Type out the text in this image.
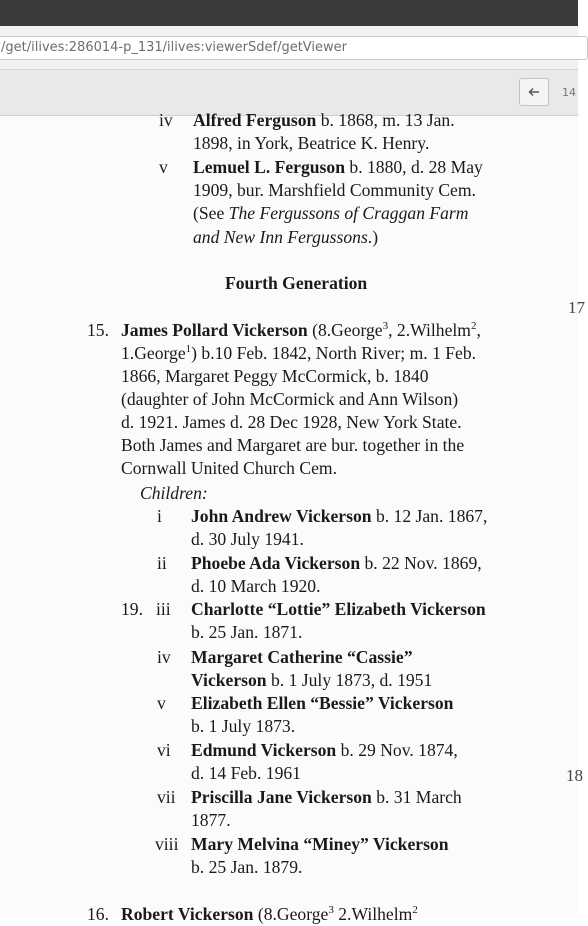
/get/ilives:286014-p_131/ilives:viewerSdef/getViewer
14
iv Alfred Ferguson b. 1868, m. 13 Jan.
1898, in York, Beatrice K. Henry.
v Lemuel L. Ferguson b. 1880, d. 28 May
1909, bur. Marshfield Community Cem.
(See The Fergussons of Craggan Farm
and New Inn Fergussons.)
Fourth Generation
15. James Pollard Vickerson (8.George$^3$, 2.Wilhelm$^2$,
1.George$^1$) b.10 Feb. 1842, North River; m. 1 Feb.
1866, Margaret Peggy McCormick, b. 1840
(daughter of John McCormick and Ann Wilson)
d. 1921. James d. 28 Dec 1928, New York State.
Both James and Margaret are bur. together in the
Cornwall United Church Cem.
Children:
i John Andrew Vickerson b. 12 Jan. 1867,
d. 30 July 1941.
ii Phoebe Ada Vickerson b. 22 Nov. 1869,
d. 10 March 1920.
19. iii Charlotte “Lottie” Elizabeth Vickerson
b. 25 Jan. 1871.
iv Margaret Catherine “Cassie”
Vickerson b. 1 July 1873, d. 1951
v Elizabeth Ellen “Bessie” Vickerson
b. 1 July 1873.
vi Edmund Vickerson b. 29 Nov. 1874,
d. 14 Feb. 1961
vii Priscilla Jane Vickerson b. 31 March
1877.
viii Mary Melvina “Miney” Vickerson
b. 25 Jan. 1879.
16. Robert Vickerson (8.George$^3$ 2.Wilhelm$^2$
17
18
